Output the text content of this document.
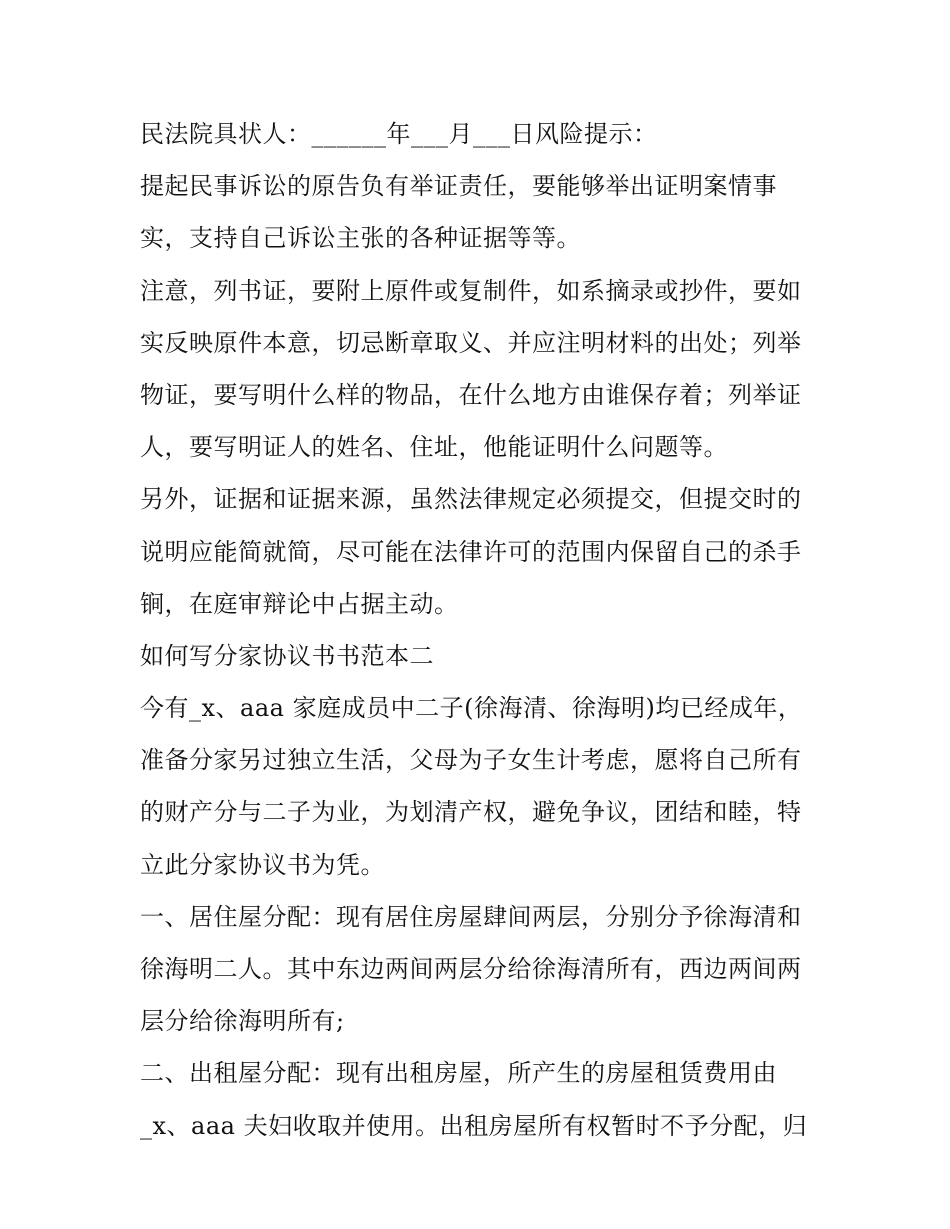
民法院具状人：______年___月___日风险提示：
提起民事诉讼的原告负有举证责任，要能够举出证明案情事
实，支持自己诉讼主张的各种证据等等。
注意，列书证，要附上原件或复制件，如系摘录或抄件，要如
实反映原件本意，切忌断章取义、并应注明材料的出处；列举
物证，要写明什么样的物品，在什么地方由谁保存着；列举证
人，要写明证人的姓名、住址，他能证明什么问题等。
另外，证据和证据来源，虽然法律规定必须提交，但提交时的
说明应能简就简，尽可能在法律许可的范围内保留自己的杀手
锏，在庭审辩论中占据主动。
如何写分家协议书书范本二
今有_x、aaa 家庭成员中二子(徐海清、徐海明)均已经成年，
准备分家另过独立生活，父母为子女生计考虑，愿将自己所有
的财产分与二子为业，为划清产权，避免争议，团结和睦，特
立此分家协议书为凭。
一、居住屋分配：现有居住房屋肆间两层，分别分予徐海清和
徐海明二人。其中东边两间两层分给徐海清所有，西边两间两
层分给徐海明所有;
二、出租屋分配：现有出租房屋，所产生的房屋租赁费用由
_x、aaa 夫妇收取并使用。出租房屋所有权暂时不予分配，归
